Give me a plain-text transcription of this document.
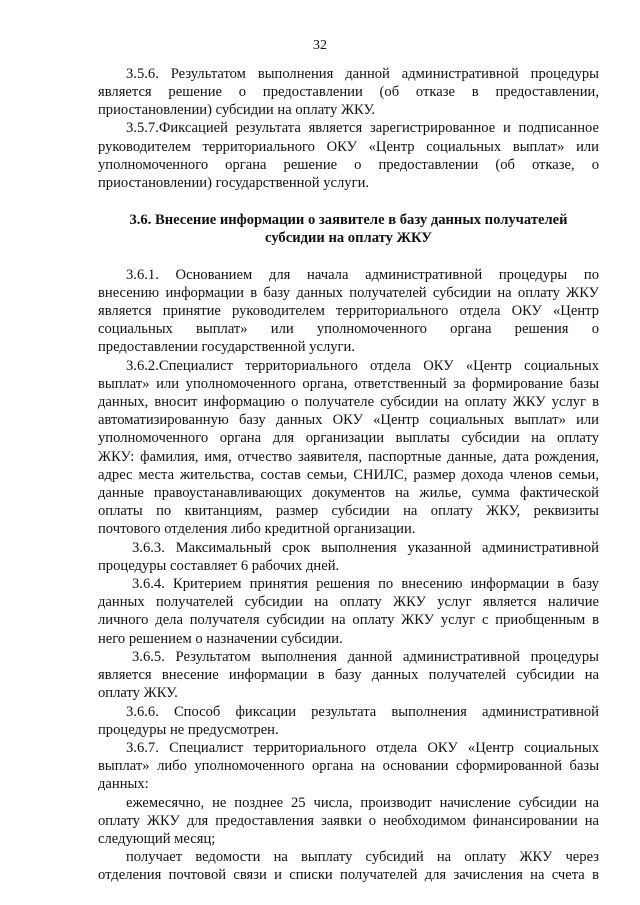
32
3.5.6. Результатом выполнения данной административной процедуры
является решение о предоставлении (об отказе в предоставлении,
приостановлении) субсидии на оплату ЖКУ.
3.5.7.Фиксацией результата является зарегистрированное и подписанное
руководителем территориального ОКУ «Центр социальных выплат» или
уполномоченного органа решение о предоставлении (об отказе, о
приостановлении) государственной услуги.
3.6. Внесение информации о заявителе в базу данных получателей
субсидии на оплату ЖКУ
3.6.1. Основанием для начала административной процедуры по
внесению информации в базу данных получателей субсидии на оплату ЖКУ
является принятие руководителем территориального отдела ОКУ «Центр
социальных выплат» или уполномоченного органа решения о
предоставлении государственной услуги.
3.6.2.Специалист территориального отдела ОКУ «Центр социальных
выплат» или уполномоченного органа, ответственный за формирование базы
данных, вносит информацию о получателе субсидии на оплату ЖКУ услуг в
автоматизированную базу данных ОКУ «Центр социальных выплат» или
уполномоченного органа для организации выплаты субсидии на оплату
ЖКУ: фамилия, имя, отчество заявителя, паспортные данные, дата рождения,
адрес места жительства, состав семьи, СНИЛС, размер дохода членов семьи,
данные правоустанавливающих документов на жилье, сумма фактической
оплаты по квитанциям, размер субсидии на оплату ЖКУ, реквизиты
почтового отделения либо кредитной организации.
3.6.3. Максимальный срок выполнения указанной административной
процедуры составляет 6 рабочих дней.
3.6.4. Критерием принятия решения по внесению информации в базу
данных получателей субсидии на оплату ЖКУ услуг является наличие
личного дела получателя субсидии на оплату ЖКУ услуг с приобщенным в
него решением о назначении субсидии.
3.6.5. Результатом выполнения данной административной процедуры
является внесение информации в базу данных получателей субсидии на
оплату ЖКУ.
3.6.6. Способ фиксации результата выполнения административной
процедуры не предусмотрен.
3.6.7. Специалист территориального отдела ОКУ «Центр социальных
выплат» либо уполномоченного органа на основании сформированной базы
данных:
ежемесячно, не позднее 25 числа, производит начисление субсидии на
оплату ЖКУ для предоставления заявки о необходимом финансировании на
следующий месяц;
получает ведомости на выплату субсидий на оплату ЖКУ через
отделения почтовой связи и списки получателей для зачисления на счета в
